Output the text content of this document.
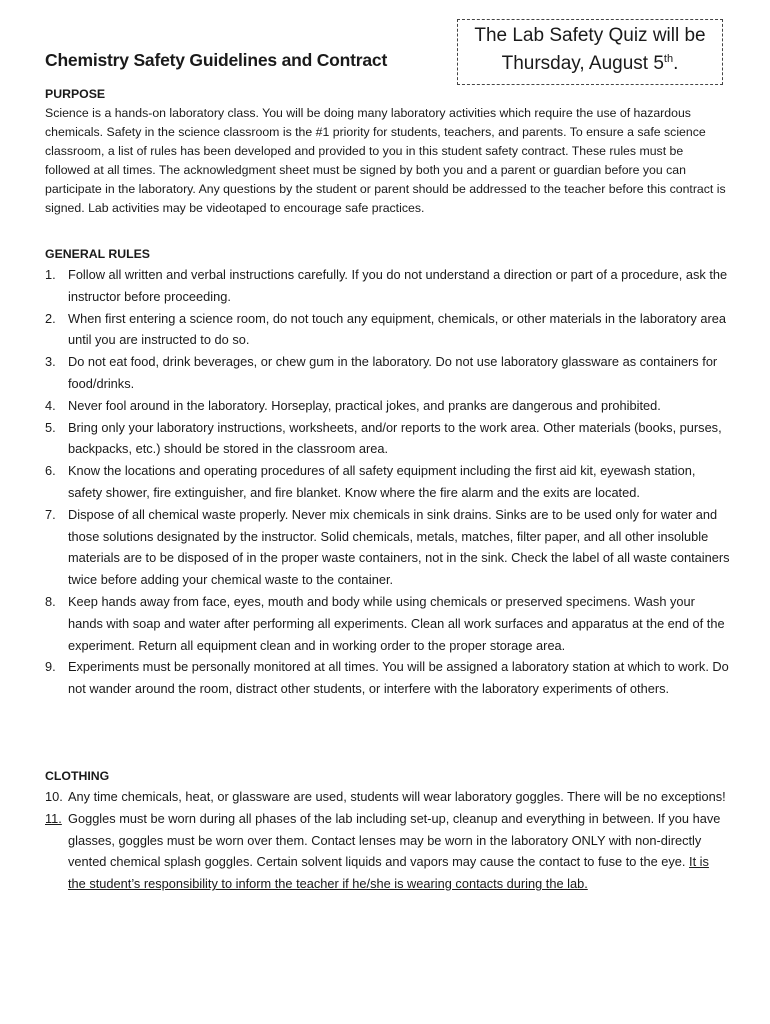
Chemistry Safety Guidelines and Contract
The Lab Safety Quiz will be
Thursday, August 5th.
PURPOSE

Science is a hands-on laboratory class. You will be doing many laboratory activities which require the use of hazardous chemicals. Safety in the science classroom is the #1 priority for students, teachers, and parents. To ensure a safe science classroom, a list of rules has been developed and provided to you in this student safety contract. These rules must be followed at all times. The acknowledgment sheet must be signed by both you and a parent or guardian before you can participate in the laboratory. Any questions by the student or parent should be addressed to the teacher before this contract is signed. Lab activities may be videotaped to encourage safe practices.

GENERAL RULES
1. Follow all written and verbal instructions carefully. If you do not understand a direction or part of a procedure, ask the instructor before proceeding.
2. When first entering a science room, do not touch any equipment, chemicals, or other materials in the laboratory area until you are instructed to do so.
3. Do not eat food, drink beverages, or chew gum in the laboratory. Do not use laboratory glassware as containers for food/drinks.
4. Never fool around in the laboratory. Horseplay, practical jokes, and pranks are dangerous and prohibited.
5. Bring only your laboratory instructions, worksheets, and/or reports to the work area. Other materials (books, purses, backpacks, etc.) should be stored in the classroom area.
6. Know the locations and operating procedures of all safety equipment including the first aid kit, eyewash station, safety shower, fire extinguisher, and fire blanket. Know where the fire alarm and the exits are located.
7. Dispose of all chemical waste properly. Never mix chemicals in sink drains. Sinks are to be used only for water and those solutions designated by the instructor. Solid chemicals, metals, matches, filter paper, and all other insoluble materials are to be disposed of in the proper waste containers, not in the sink. Check the label of all waste containers twice before adding your chemical waste to the container.
8. Keep hands away from face, eyes, mouth and body while using chemicals or preserved specimens. Wash your hands with soap and water after performing all experiments. Clean all work surfaces and apparatus at the end of the experiment. Return all equipment clean and in working order to the proper storage area.
9. Experiments must be personally monitored at all times. You will be assigned a laboratory station at which to work. Do not wander around the room, distract other students, or interfere with the laboratory experiments of others.
CLOTHING
10. Any time chemicals, heat, or glassware are used, students will wear laboratory goggles. There will be no exceptions!
11. Goggles must be worn during all phases of the lab including set-up, cleanup and everything in between. If you have glasses, goggles must be worn over them. Contact lenses may be worn in the laboratory ONLY with non-directly vented chemical splash goggles. Certain solvent liquids and vapors may cause the contact to fuse to the eye. It is the student’s responsibility to inform the teacher if he/she is wearing contacts during the lab.
